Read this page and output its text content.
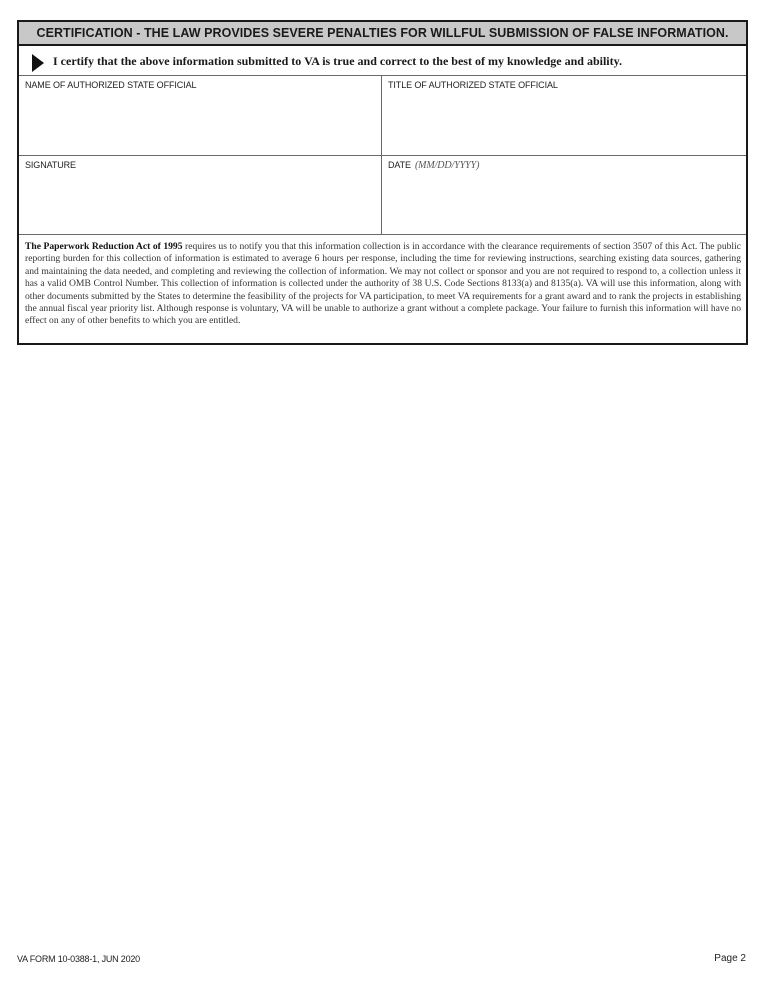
CERTIFICATION - THE LAW PROVIDES SEVERE PENALTIES FOR WILLFUL SUBMISSION OF FALSE INFORMATION.
I certify that the above information submitted to VA is true and correct to the best of my knowledge and ability.
NAME OF AUTHORIZED STATE OFFICIAL	TITLE OF AUTHORIZED STATE OFFICIAL
SIGNATURE	DATE (MM/DD/YYYY)
The Paperwork Reduction Act of 1995 requires us to notify you that this information collection is in accordance with the clearance requirements of section 3507 of this Act. The public reporting burden for this collection of information is estimated to average 6 hours per response, including the time for reviewing instructions, searching existing data sources, gathering and maintaining the data needed, and completing and reviewing the collection of information. We may not collect or sponsor and you are not required to respond to, a collection unless it has a valid OMB Control Number. This collection of information is collected under the authority of 38 U.S. Code Sections 8133(a) and 8135(a). VA will use this information, along with other documents submitted by the States to determine the feasibility of the projects for VA participation, to meet VA requirements for a grant award and to rank the projects in establishing the annual fiscal year priority list. Although response is voluntary, VA will be unable to authorize a grant without a complete package. Your failure to furnish this information will have no effect on any of other benefits to which you are entitled.
VA FORM 10-0388-1, JUN 2020	Page 2
